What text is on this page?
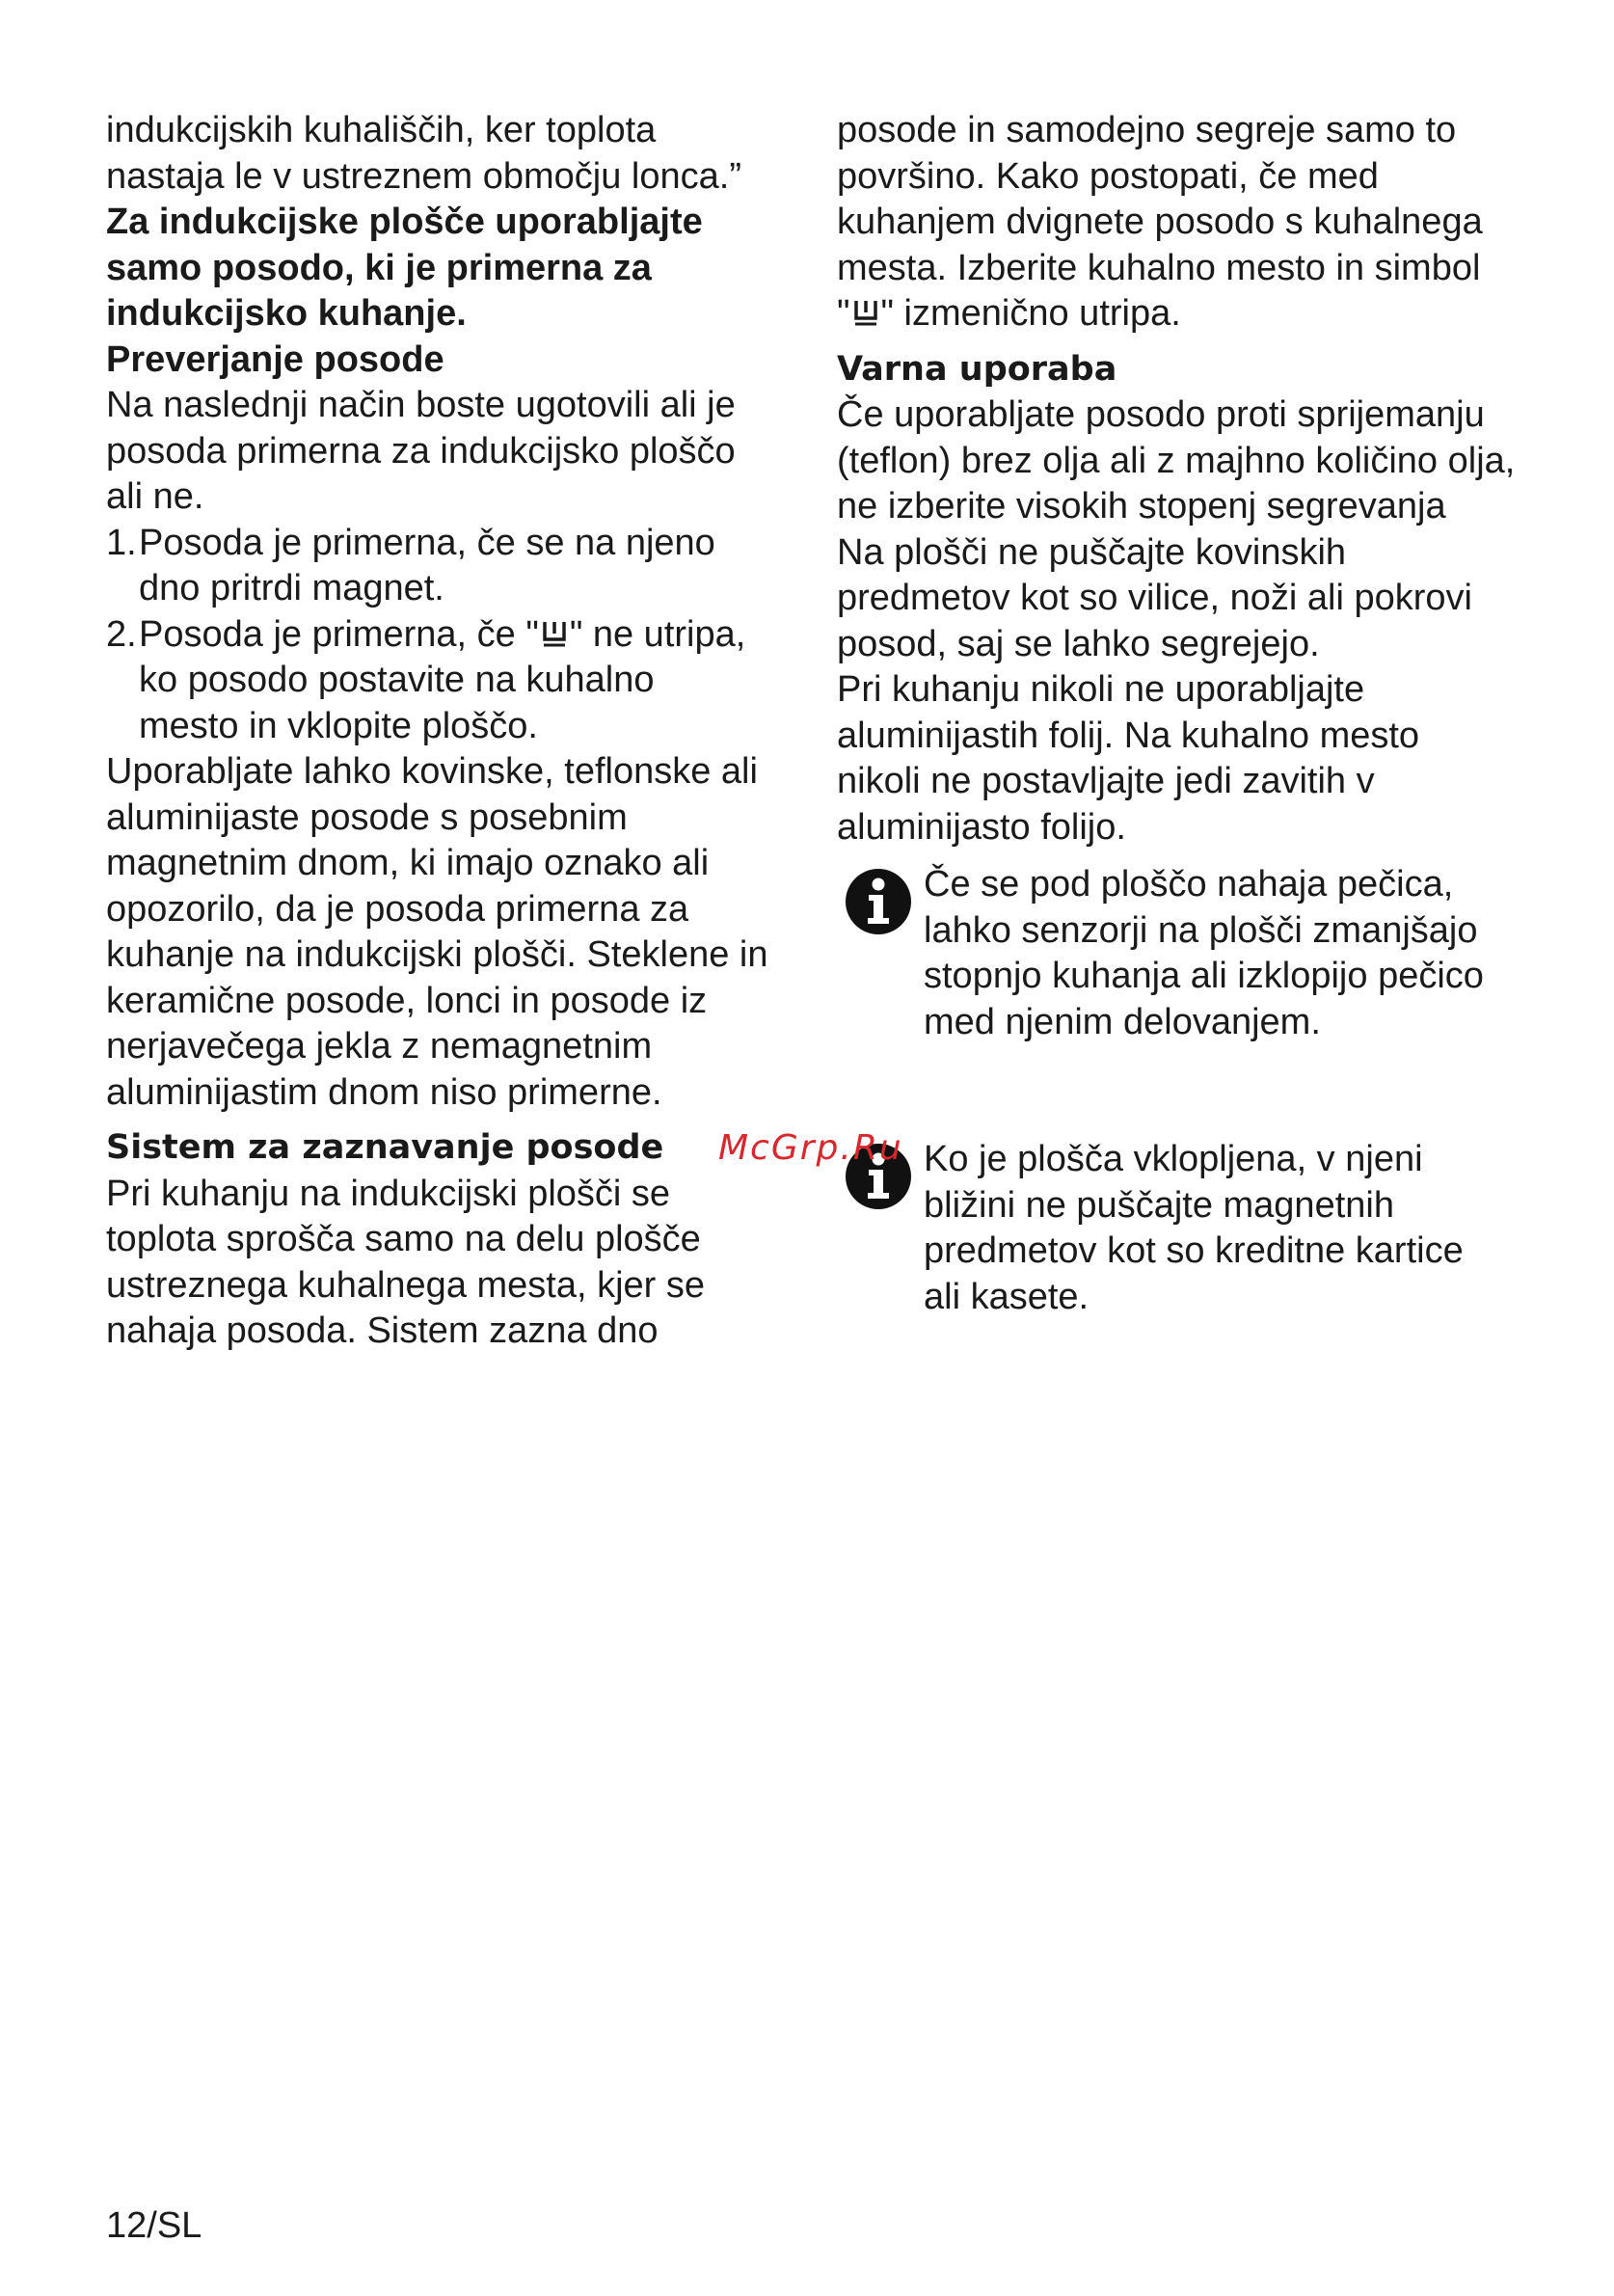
indukcijskih kuhališčih, ker toplota

nastaja le v ustreznem območju lonca.”

Za indukcijske plošče uporabljajte

samo posodo, ki je primerna za

indukcijsko kuhanje.

Preverjanje posode

Na naslednji način boste ugotovili ali je

posoda primerna za indukcijsko ploščo

ali ne.

1. Posoda je primerna, če se na njeno

dno pritrdi magnet.

2. Posoda je primerna, če " " ne utripa,

ko posodo postavite na kuhalno

mesto in vklopite ploščo.

Uporabljate lahko kovinske, teflonske ali

aluminijaste posode s posebnim

magnetnim dnom, ki imajo oznako ali

opozorilo, da je posoda primerna za

kuhanje na indukcijski plošči. Steklene in

keramične posode, lonci in posode iz

nerjavečega jekla z nemagnetnim

aluminijastim dnom niso primerne.

Sistem za zaznavanje posode

Pri kuhanju na indukcijski plošči se

toplota sprošča samo na delu plošče

ustreznega kuhalnega mesta, kjer se

nahaja posoda. Sistem zazna dno

posode in samodejno segreje samo to

površino. Kako postopati, če med

kuhanjem dvignete posodo s kuhalnega

mesta. Izberite kuhalno mesto in simbol

" " izmenično utripa.

Varna uporaba

Če uporabljate posodo proti sprijemanju

(teflon) brez olja ali z majhno količino olja,

ne izberite visokih stopenj segrevanja

Na plošči ne puščajte kovinskih

predmetov kot so vilice, noži ali pokrovi

posod, saj se lahko segrejejo.

Pri kuhanju nikoli ne uporabljajte

aluminijastih folij. Na kuhalno mesto

nikoli ne postavljajte jedi zavitih v

aluminijasto folijo.

Če se pod ploščo nahaja pečica,

lahko senzorji na plošči zmanjšajo

stopnjo kuhanja ali izklopijo pečico

med njenim delovanjem.

Ko je plošča vklopljena, v njeni

bližini ne puščajte magnetnih

predmetov kot so kreditne kartice

ali kasete.

McGrp.Ru
12/SL
